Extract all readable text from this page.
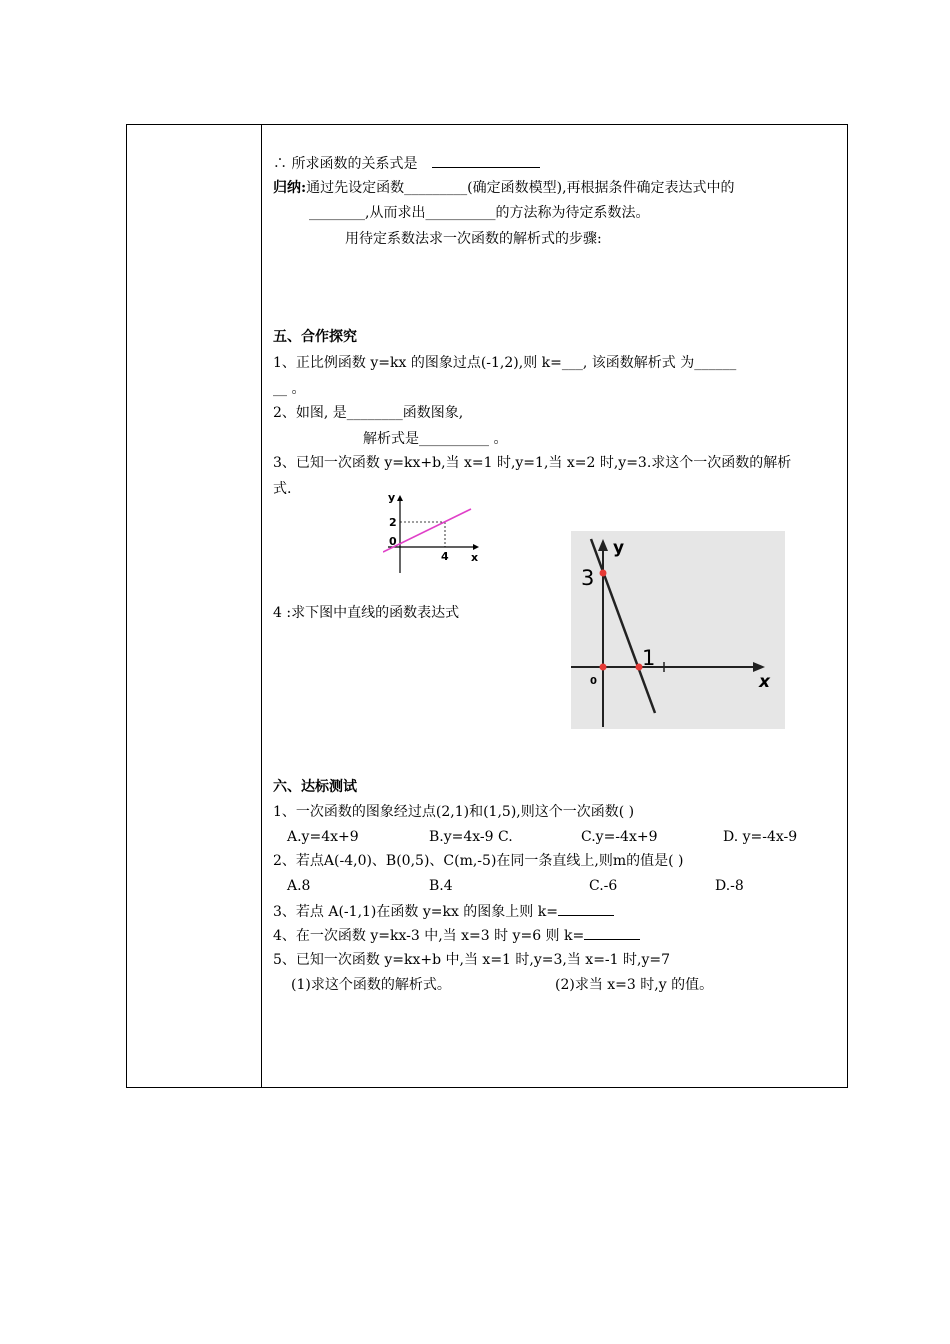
∴ 所求函数的关系式是
归纳:通过先设定函数_________(确定函数模型),再根据条件确定表达式中的
________,从而求出__________的方法称为待定系数法。
用待定系数法求一次函数的解析式的步骤:
五、合作探究
1、正比例函数 y=kx 的图象过点(-1,2),则 k=___, 该函数解析式 为______
__ 。
2、如图, 是________函数图象,
解析式是__________ 。
3、已知一次函数 y=kx+b,当 x=1 时,y=1,当 x=2 时,y=3.求这个一次函数的解析
式.
y
x
0
2
4
4 :求下图中直线的函数表达式
y
x
3
1
0
六、达标测试
1、一次函数的图象经过点(2,1)和(1,5),则这个一次函数( )
A.y=4x+9	B.y=4x-9 C.	C.y=-4x+9	D. y=-4x-9
2、若点A(-4,0)、B(0,5)、C(m,-5)在同一条直线上,则m的值是( )
A.8	B.4	C.-6	D.-8
3、若点 A(-1,1)在函数 y=kx 的图象上则 k=
4、在一次函数 y=kx-3 中,当 x=3 时 y=6 则 k=
5、已知一次函数 y=kx+b 中,当 x=1 时,y=3,当 x=-1 时,y=7
(1)求这个函数的解析式。	(2)求当 x=3 时,y 的值。
